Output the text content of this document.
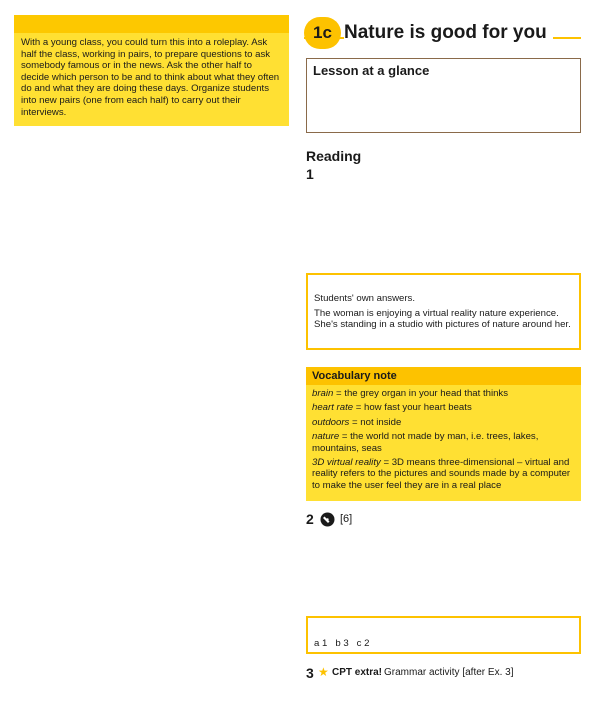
With a young class, you could turn this into a roleplay. Ask half the class, working in pairs, to prepare questions to ask somebody famous or in the news. Ask the other half to decide which person to be and to think about what they often do and what they are doing these days. Organize students into new pairs (one from each half) to carry out their interviews.
1c Nature is good for you
Lesson at a glance
Reading
1

Students' own answers.

The woman is enjoying a virtual reality nature experience. She's standing in a studio with pictures of nature around her.

Vocabulary note
brain = the grey organ in your head that thinks
heart rate = how fast your heart beats
outdoors = not inside
nature = the world not made by man, i.e. trees, lakes, mountains, seas
3D virtual reality = 3D means three-dimensional – virtual and reality refers to the pictures and sounds made by a computer to make the user feel they are in a real place
2 [6]
a 1   b 3   c 2
3 ★ CPT extra! Grammar activity [after Ex. 3]
